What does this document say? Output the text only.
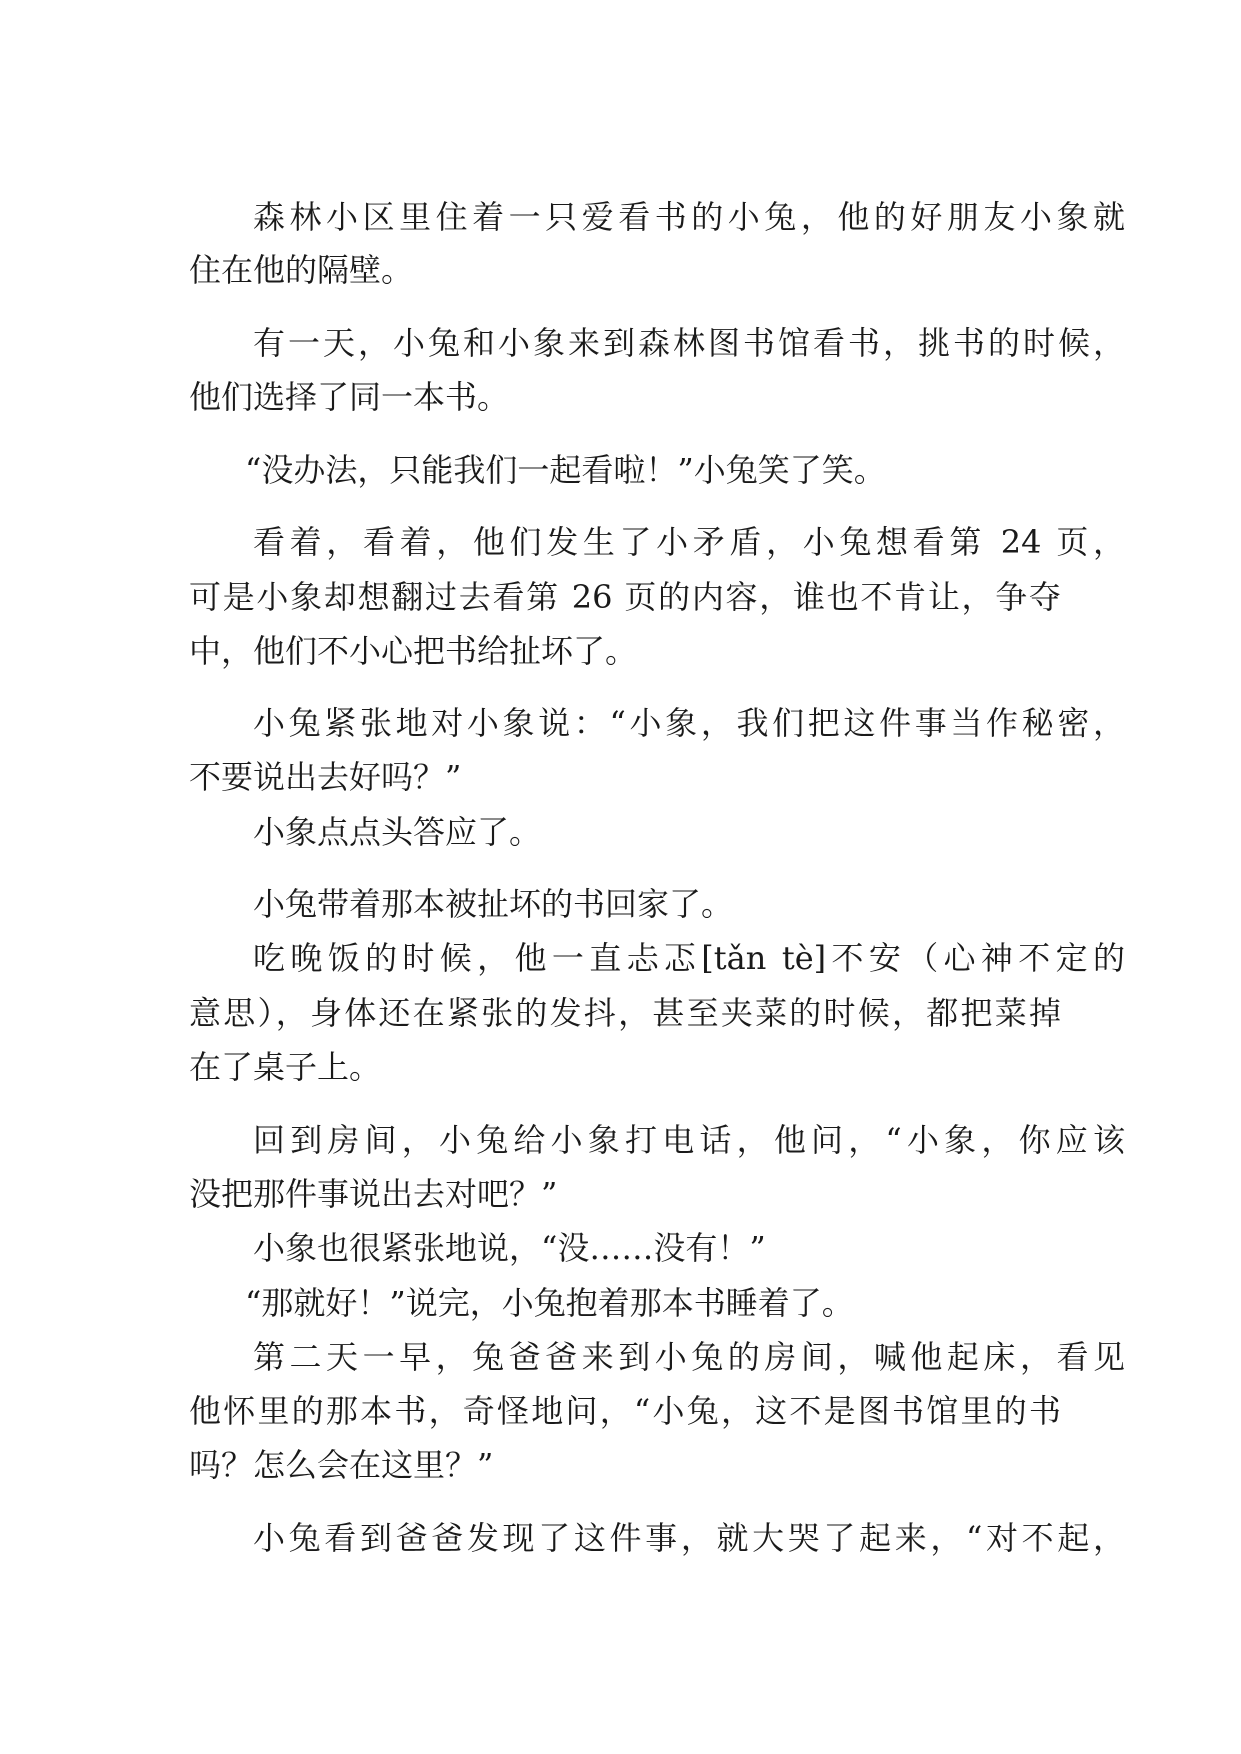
森林小区里住着一只爱看书的小兔，他的好朋友小象就

住在他的隔壁。

有一天，小兔和小象来到森林图书馆看书，挑书的时候，

他们选择了同一本书。

“没办法，只能我们一起看啦！”小兔笑了笑。

看着，看着，他们发生了小矛盾，小兔想看第 24 页，

可是小象却想翻过去看第 26 页的内容，谁也不肯让，争夺

中，他们不小心把书给扯坏了。

小兔紧张地对小象说：“小象，我们把这件事当作秘密，

不要说出去好吗？”

小象点点头答应了。

小兔带着那本被扯坏的书回家了。

吃晚饭的时候，他一直忐忑[tǎn tè]不安（心神不定的

意思），身体还在紧张的发抖，甚至夹菜的时候，都把菜掉

在了桌子上。

回到房间，小兔给小象打电话，他问，“小象，你应该

没把那件事说出去对吧？”

小象也很紧张地说，“没……没有！”

“那就好！”说完，小兔抱着那本书睡着了。

第二天一早，兔爸爸来到小兔的房间，喊他起床，看见

他怀里的那本书，奇怪地问，“小兔，这不是图书馆里的书

吗？怎么会在这里？”

小兔看到爸爸发现了这件事，就大哭了起来，“对不起，
